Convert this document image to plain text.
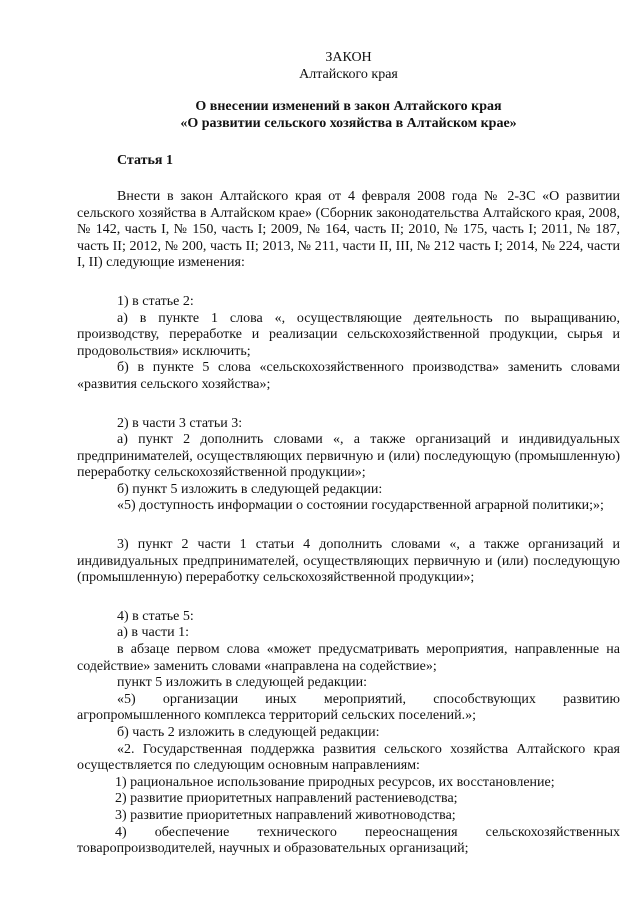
ЗАКОН
Алтайского края
О внесении изменений в закон Алтайского края
«О развитии сельского хозяйства в Алтайском крае»
Статья 1

Внести в закон Алтайского края от 4 февраля 2008 года № 2-ЗС «О развитии сельского хозяйства в Алтайском крае» (Сборник законодательства Алтайского края, 2008, № 142, часть I, № 150, часть I; 2009, № 164, часть II; 2010, № 175, часть I; 2011, № 187, часть II; 2012, № 200, часть II; 2013, № 211, части II, III, № 212 часть I; 2014, № 224, части I, II) следующие изменения:

1) в статье 2:

а) в пункте 1 слова «, осуществляющие деятельность по выращиванию, производству, переработке и реализации сельскохозяйственной продукции, сырья и продовольствия» исключить;

б) в пункте 5 слова «сельскохозяйственного производства» заменить словами «развития сельского хозяйства»;

2) в части 3 статьи 3:

а) пункт 2 дополнить словами «, а также организаций и индивидуальных предпринимателей, осуществляющих первичную и (или) последующую (промышленную) переработку сельскохозяйственной продукции»;

б) пункт 5 изложить в следующей редакции:

«5) доступность информации о состоянии государственной аграрной политики;»;

3) пункт 2 части 1 статьи 4 дополнить словами «, а также организаций и индивидуальных предпринимателей, осуществляющих первичную и (или) последующую (промышленную) переработку сельскохозяйственной продукции»;

4) в статье 5:

а) в части 1:

в абзаце первом слова «может предусматривать мероприятия, направленные на содействие» заменить словами «направлена на содействие»;

пункт 5 изложить в следующей редакции:

«5) организации иных мероприятий, способствующих развитию агропромышленного комплекса территорий сельских поселений.»;

б) часть 2 изложить в следующей редакции:

«2. Государственная поддержка развития сельского хозяйства Алтайского края осуществляется по следующим основным направлениям:

1) рациональное использование природных ресурсов, их восстановление;

2) развитие приоритетных направлений растениеводства;

3) развитие приоритетных направлений животноводства;

4) обеспечение технического переоснащения сельскохозяйственных товаропроизводителей, научных и образовательных организаций;
